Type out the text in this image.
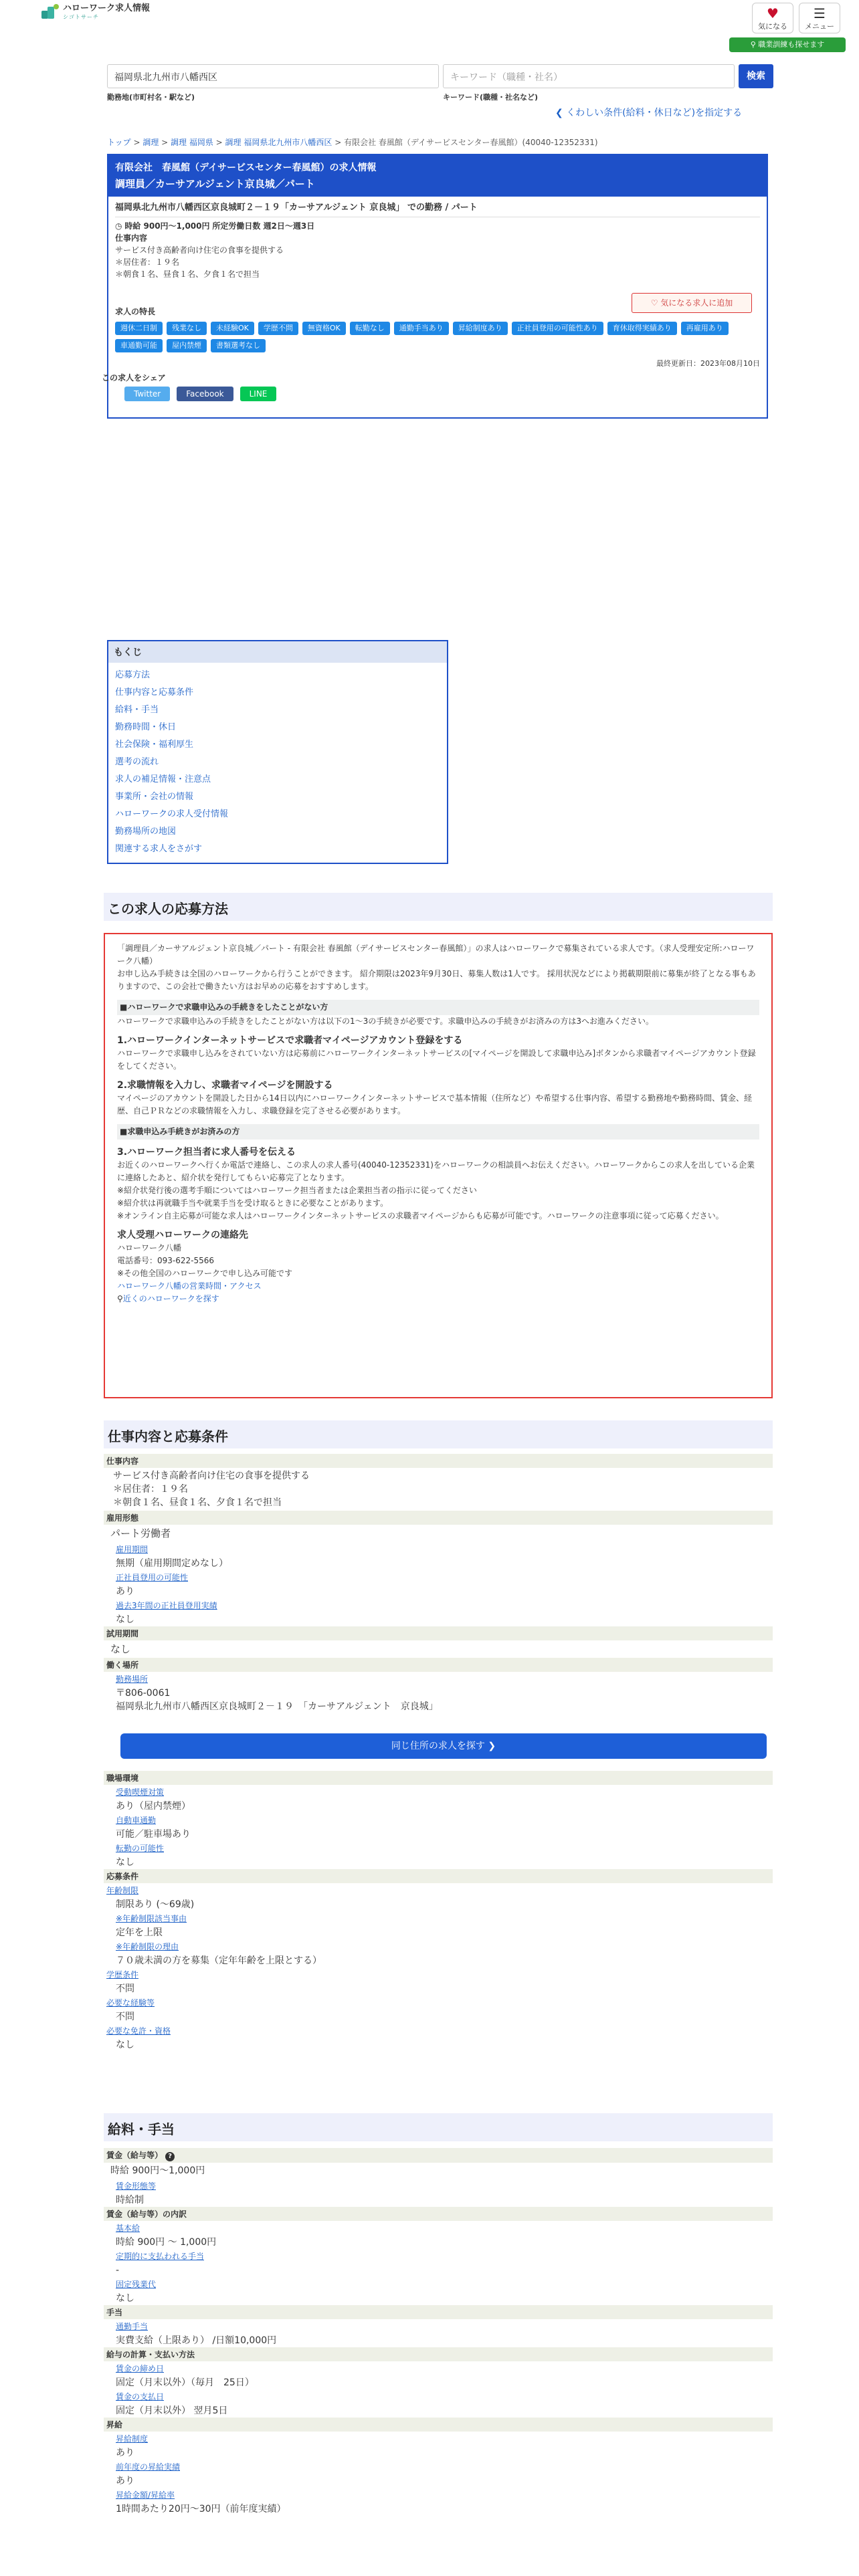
ハローワーク求人情報
シゴトサーチ	♥
気になる
☰
メニュー
⚲ 職業訓練も探せます
福岡県北九州市八幡西区	キーワード（職種・社名）	検索
勤務地(市町村名・駅など)	キーワード(職種・社名など)
❮ くわしい条件(給料・休日など)を指定する
トップ > 調理 > 調理 福岡県 > 調理 福岡県北九州市八幡西区 > 有限会社 春風館（デイサービスセンター春風館）(40040-12352331)
有限会社　春風館（デイサービスセンター春風館）の求人情報
調理員／カーサアルジェント京良城／パート
福岡県北九州市八幡西区京良城町２－１９「カーサアルジェント 京良城」 での勤務 / パート
◷ 時給 900円〜1,000円 所定労働日数 週2日〜週3日
仕事内容
サービス付き高齢者向け住宅の食事を提供する
＊居住者：１９名
＊朝食１名、昼食１名、夕食１名で担当
求人の特長
週休二日制	残業なし	未経験OK	学歴不問	無資格OK	転勤なし	通勤手当あり	昇給制度あり	正社員登用の可能性あり	育休取得実績あり	再雇用あり
車通勤可能	屋内禁煙	書類選考なし
最終更新日：2023年08月10日
この求人をシェア
Twitter	Facebook	LINE
♡ 気になる求人に追加
もくじ
応募方法
仕事内容と応募条件
給料・手当
勤務時間・休日
社会保険・福利厚生
選考の流れ
求人の補足情報・注意点
事業所・会社の情報
ハローワークの求人受付情報
勤務場所の地図
関連する求人をさがす
この求人の応募方法
「調理員／カーサアルジェント京良城／パート - 有限会社 春風館（デイサービスセンター春風館）」の求人はハローワークで募集されている求人です。（求人受理安定所:ハローワーク八幡）
お申し込み手続きは全国のハローワークから行うことができます。 紹介期限は2023年9月30日、募集人数は1人です。 採用状況などにより掲載期限前に募集が終了となる事もありますので、この会社で働きたい方はお早めの応募をおすすめします。
■ハローワークで求職申込みの手続きをしたことがない方
ハローワークで求職申込みの手続きをしたことがない方は以下の1〜3の手続きが必要です。求職申込みの手続きがお済みの方は3へお進みください。
1.ハローワークインターネットサービスで求職者マイページアカウント登録をする
ハローワークで求職申し込みをされていない方は応募前にハローワークインターネットサービスの[マイページを開設して求職申込み]ボタンから求職者マイページアカウント登録をしてください。
2.求職情報を入力し、求職者マイページを開設する
マイページのアカウントを開設した日から14日以内にハローワークインターネットサービスで基本情報（住所など）や希望する仕事内容、希望する勤務地や勤務時間、賃金、経歴、自己ＰＲなどの求職情報を入力し、求職登録を完了させる必要があります。
■求職申込み手続きがお済みの方
3.ハローワーク担当者に求人番号を伝える
お近くのハローワークへ行くか電話で連絡し、この求人の求人番号(40040-12352331)をハローワークの相談員へお伝えください。ハローワークからこの求人を出している企業に連絡したあと、紹介状を発行してもらい応募完了となります。
※紹介状発行後の選考手順についてはハローワーク担当者または企業担当者の指示に従ってください
※紹介状は再就職手当や就業手当を受け取るときに必要なことがあります。
※オンライン自主応募が可能な求人はハローワークインターネットサービスの求職者マイページからも応募が可能です。ハローワークの注意事項に従って応募ください。
求人受理ハローワークの連絡先
ハローワーク八幡
電話番号：093-622-5566
※その他全国のハローワークで申し込み可能です
ハローワーク八幡の営業時間・アクセス
⚲近くのハローワークを探す
仕事内容と応募条件
仕事内容
サービス付き高齢者向け住宅の食事を提供する
＊居住者：１９名
＊朝食１名、昼食１名、夕食１名で担当
雇用形態
パート労働者
雇用期間
無期（雇用期間定めなし）
正社員登用の可能性
あり
過去3年間の正社員登用実績
なし
試用期間
なし
働く場所
勤務場所
〒806-0061
福岡県北九州市八幡西区京良城町２－１９　「カーサアルジェント　京良城」
同じ住所の求人を探す ❯
職場環境
受動喫煙対策
あり（屋内禁煙）
自動車通勤
可能／駐車場あり
転勤の可能性
なし
応募条件
年齢制限
制限あり (〜69歳)
※年齢制限該当事由
定年を上限
※年齢制限の理由
７０歳未満の方を募集（定年年齢を上限とする）
学歴条件
不問
必要な経験等
不問
必要な免許・資格
なし
給料・手当
賃金（給与等） ?
時給 900円〜1,000円
賃金形態等
時給制
賃金（給与等）の内訳
基本給
時給 900円 〜 1,000円
定期的に支払われる手当
-
固定残業代
なし
手当
通勤手当
実費支給（上限あり） /日額10,000円
給与の計算・支払い方法
賃金の締め日
固定（月末以外）（毎月　25日）
賃金の支払日
固定（月末以外） 翌月5日
昇給
昇給制度
あり
前年度の昇給実績
あり
昇給金額/昇給率
1時間あたり20円〜30円（前年度実績）
